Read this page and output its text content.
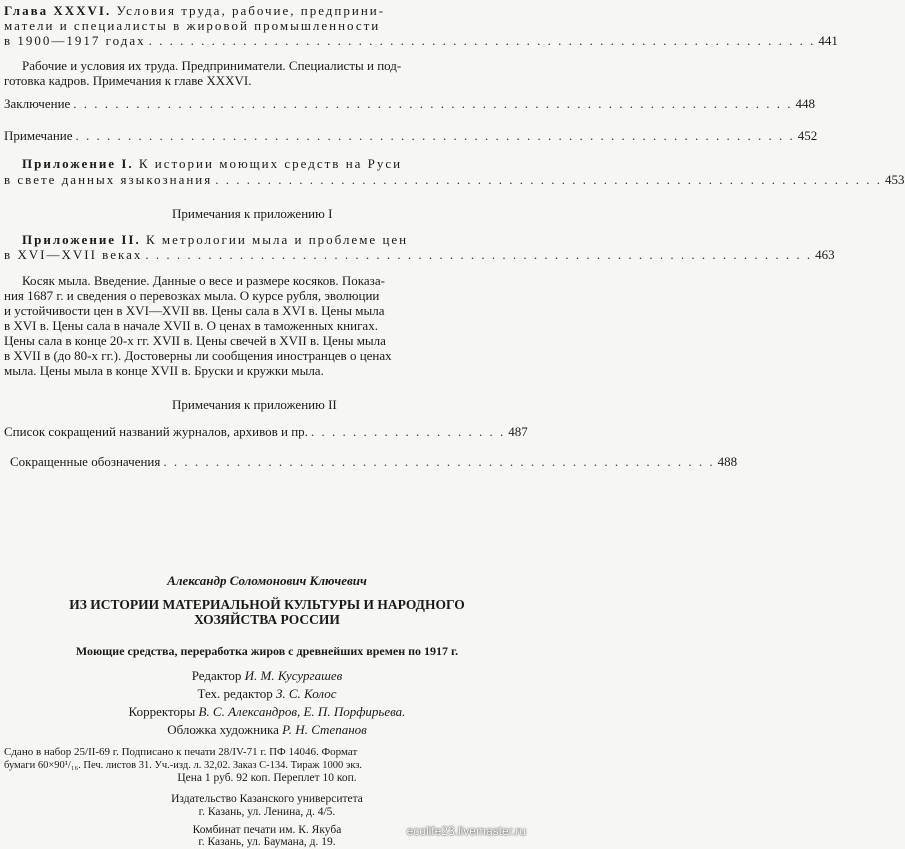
Глава XXXVI. Условия труда, рабочие, предприни-
матели и специалисты в жировой промышленности
в 1900—1917 годах . . . . . . . . . . . . . . . . . . . . . . . . . . . . . . . . . . . . . . . . . . . . . . . . . . . . . . . . . . . . . . . . 441
Рабочие и условия их труда. Предприниматели. Специалисты и под-
готовка кадров. Примечания к главе XXXVI.
Заключение . . . . . . . . . . . . . . . . . . . . . . . . . . . . . . . . . . . . . . . . . . . . . . . . . . . . . . . . . . . . . . . . . . . . . 448
Примечание . . . . . . . . . . . . . . . . . . . . . . . . . . . . . . . . . . . . . . . . . . . . . . . . . . . . . . . . . . . . . . . . . . . . . 452
Приложение I. К истории моющих средств на Руси
в свете данных языкознания . . . . . . . . . . . . . . . . . . . . . . . . . . . . . . . . . . . . . . . . . . . . . . . . . . . . . . . . . . . . . . . . 453
Примечания к приложению I
Приложение II. К метрологии мыла и проблеме цен
в XVI—XVII веках . . . . . . . . . . . . . . . . . . . . . . . . . . . . . . . . . . . . . . . . . . . . . . . . . . . . . . . . . . . . . . . . 463
Косяк мыла. Введение. Данные о весе и размере косяков. Показа-
ния 1687 г. и сведения о перевозках мыла. О курсе рубля, эволюции
и устойчивости цен в XVI—XVII вв. Цены сала в XVI в. Цены мыла
в XVI в. Цены сала в начале XVII в. О ценах в таможенных книгах.
Цены сала в конце 20-х гг. XVII в. Цены свечей в XVII в. Цены мыла
в XVII в (до 80-х гг.). Достоверны ли сообщения иностранцев о ценах
мыла. Цены мыла в конце XVII в. Бруски и кружки мыла.
Примечания к приложению II
Список сокращений названий журналов, архивов и пр. . . . . . . . . . . . . . . . . . . . 487
Сокращенные обозначения . . . . . . . . . . . . . . . . . . . . . . . . . . . . . . . . . . . . . . . . . . . . . . . . . . . . . 488
Александр Соломонович Ключевич
ИЗ ИСТОРИИ МАТЕРИАЛЬНОЙ КУЛЬТУРЫ И НАРОДНОГО
ХОЗЯЙСТВА РОССИИ
Моющие средства, переработка жиров с древнейших времен по 1917 г.
Редактор И. М. Кусургашев
Тех. редактор З. С. Колос
Корректоры В. С. Александров, Е. П. Порфирьева.
Обложка художника Р. Н. Степанов
Сдано в набор 25/II-69 г. Подписано к печати 28/IV-71 г. ПФ 14046. Формат
бумаги 60×90¹/₁₆. Печ. листов 31. Уч.-изд. л. 32,02. Заказ С-134. Тираж 1000 экз.
Цена 1 руб. 92 коп. Переплет 10 коп.
Издательство Казанского университета
г. Казань, ул. Ленина, д. 4/5.
Комбинат печати им. К. Якуба
г. Казань, ул. Баумана, д. 19.
ecolife23.livemaster.ru
